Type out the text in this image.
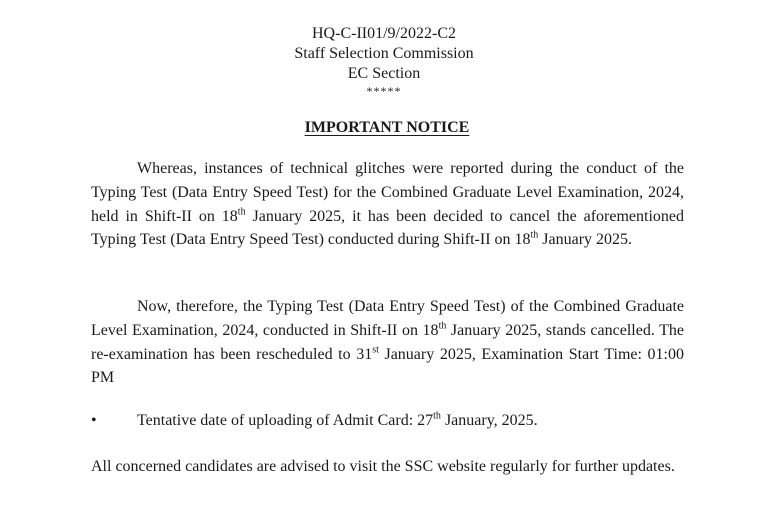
HQ-C-II01/9/2022-C2
Staff Selection Commission
EC Section
*****
IMPORTANT NOTICE
Whereas, instances of technical glitches were reported during the conduct of the Typing Test (Data Entry Speed Test) for the Combined Graduate Level Examination, 2024, held in Shift-II on 18th January 2025, it has been decided to cancel the aforementioned Typing Test (Data Entry Speed Test) conducted during Shift-II on 18th January 2025.
Now, therefore, the Typing Test (Data Entry Speed Test) of the Combined Graduate Level Examination, 2024, conducted in Shift-II on 18th January 2025, stands cancelled. The re-examination has been rescheduled to 31st January 2025, Examination Start Time: 01:00 PM
•	Tentative date of uploading of Admit Card: 27th January, 2025.
All concerned candidates are advised to visit the SSC website regularly for further updates.
